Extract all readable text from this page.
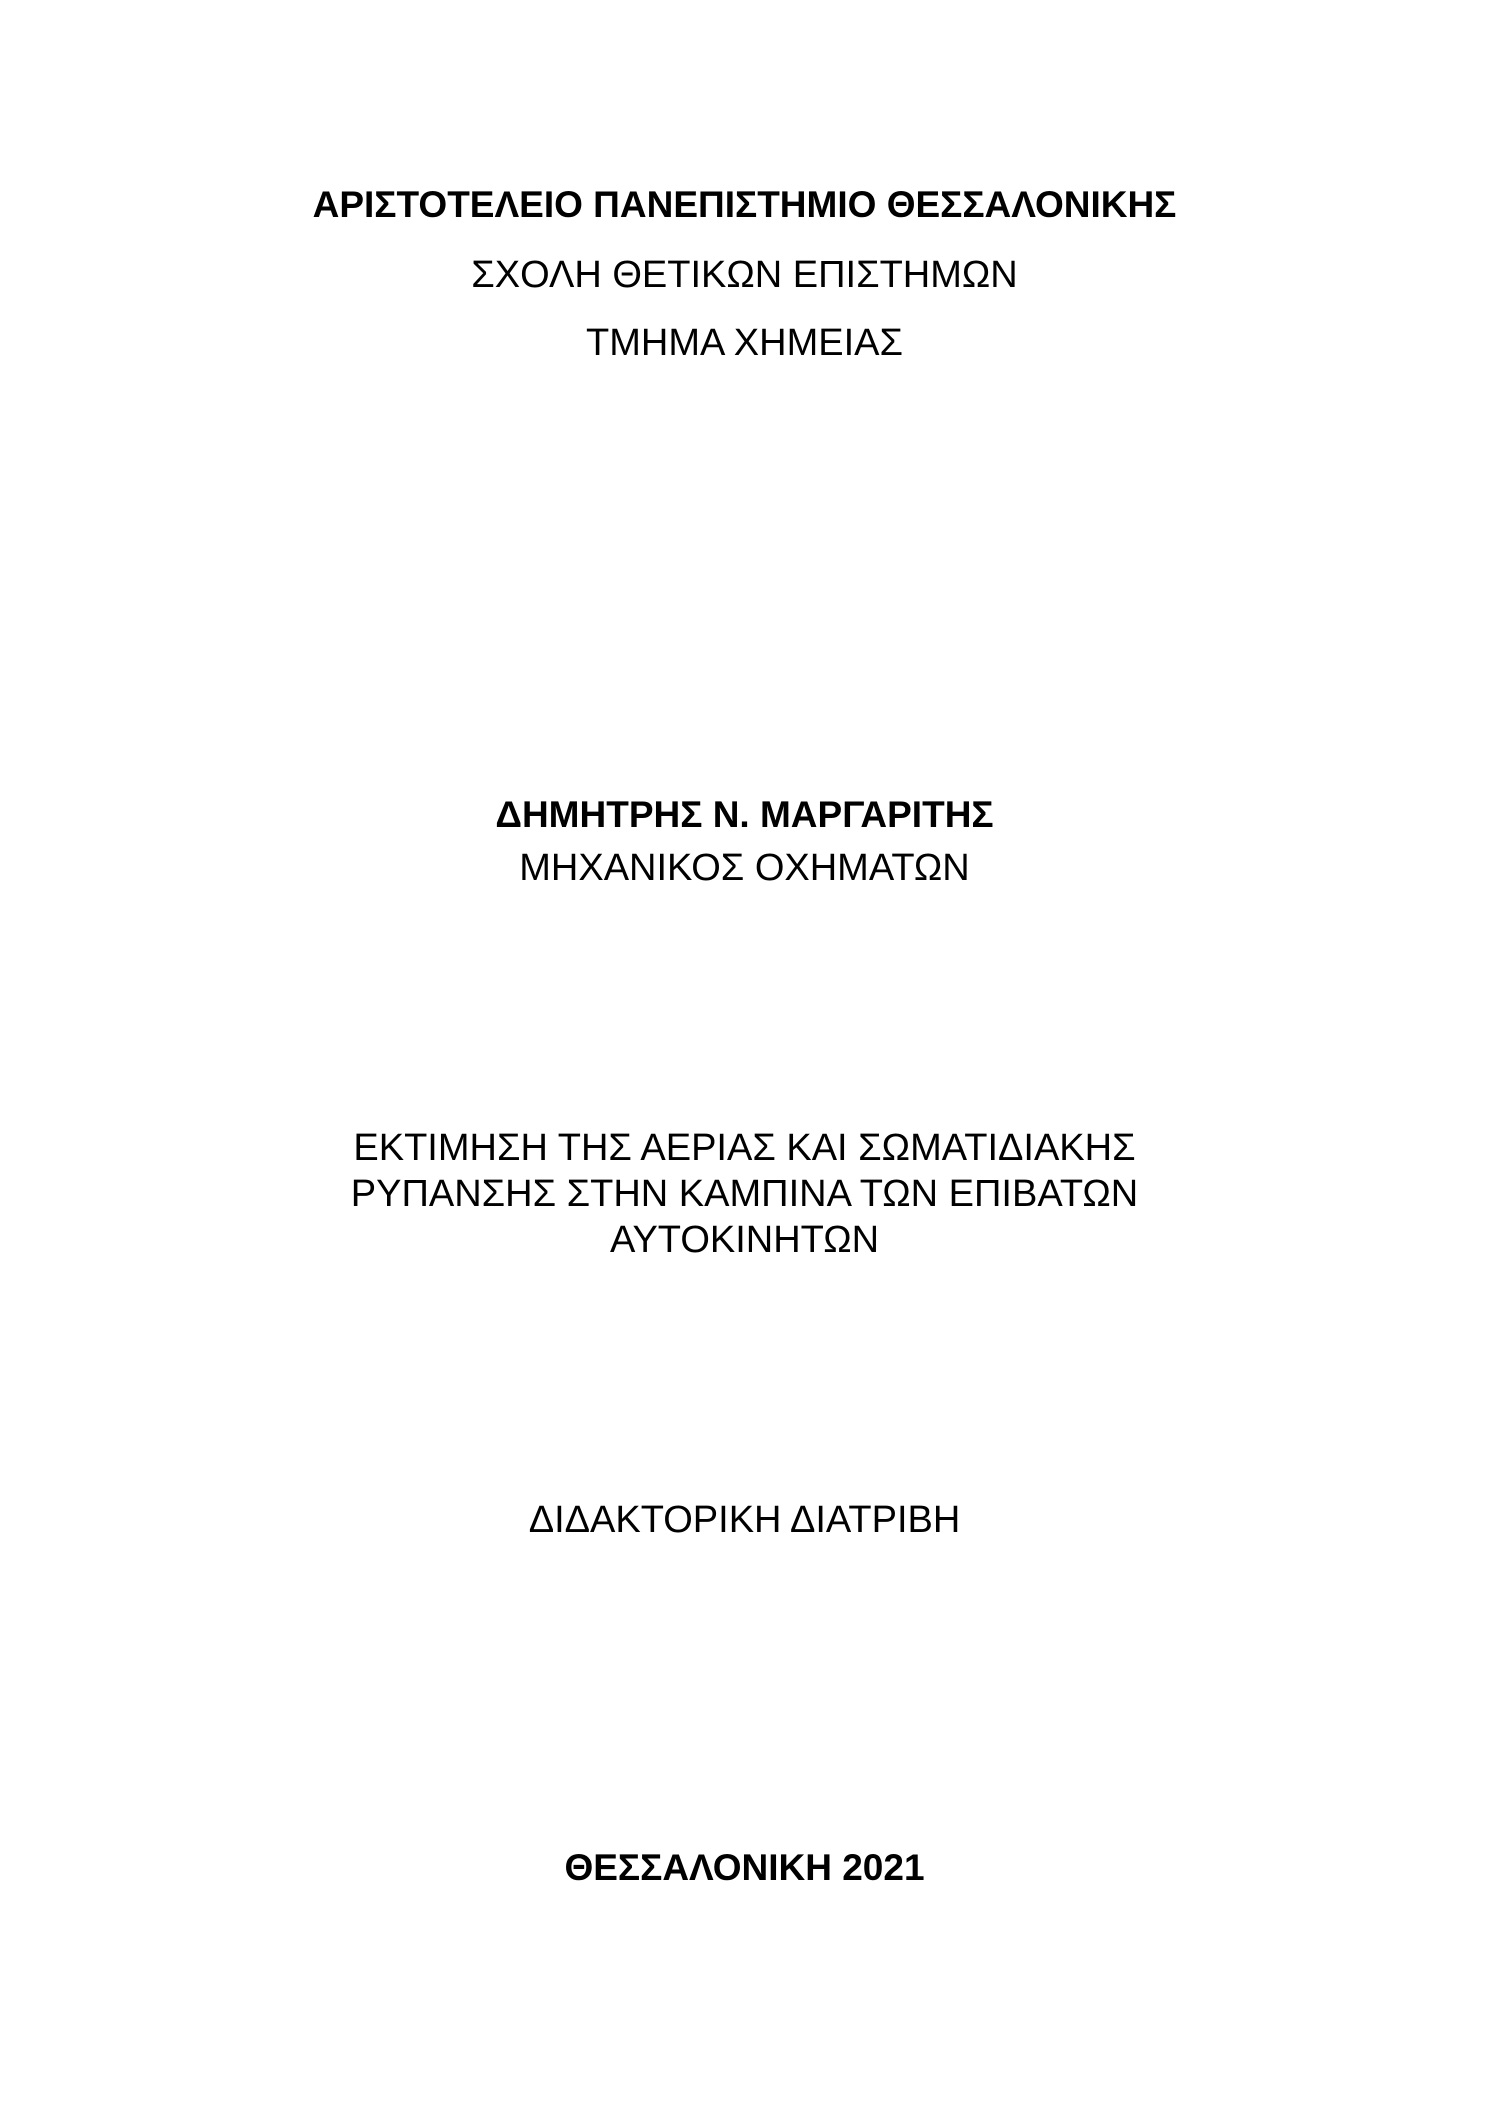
ΑΡΙΣΤΟΤΕΛΕΙΟ ΠΑΝΕΠΙΣΤΗΜΙΟ ΘΕΣΣΑΛΟΝΙΚΗΣ
ΣΧΟΛΗ ΘΕΤΙΚΩΝ ΕΠΙΣΤΗΜΩΝ
ΤΜΗΜΑ ΧΗΜΕΙΑΣ
ΔΗΜΗΤΡΗΣ Ν. ΜΑΡΓΑΡΙΤΗΣ
ΜΗΧΑΝΙΚΟΣ ΟΧΗΜΑΤΩΝ
ΕΚΤΙΜΗΣΗ ΤΗΣ ΑΕΡΙΑΣ ΚΑΙ ΣΩΜΑΤΙΔΙΑΚΗΣ
ΡΥΠΑΝΣΗΣ ΣΤΗΝ ΚΑΜΠΙΝΑ ΤΩΝ ΕΠΙΒΑΤΩΝ
ΑΥΤΟΚΙΝΗΤΩΝ
ΔΙΔΑΚΤΟΡΙΚΗ ΔΙΑΤΡΙΒΗ
ΘΕΣΣΑΛΟΝΙΚΗ 2021
